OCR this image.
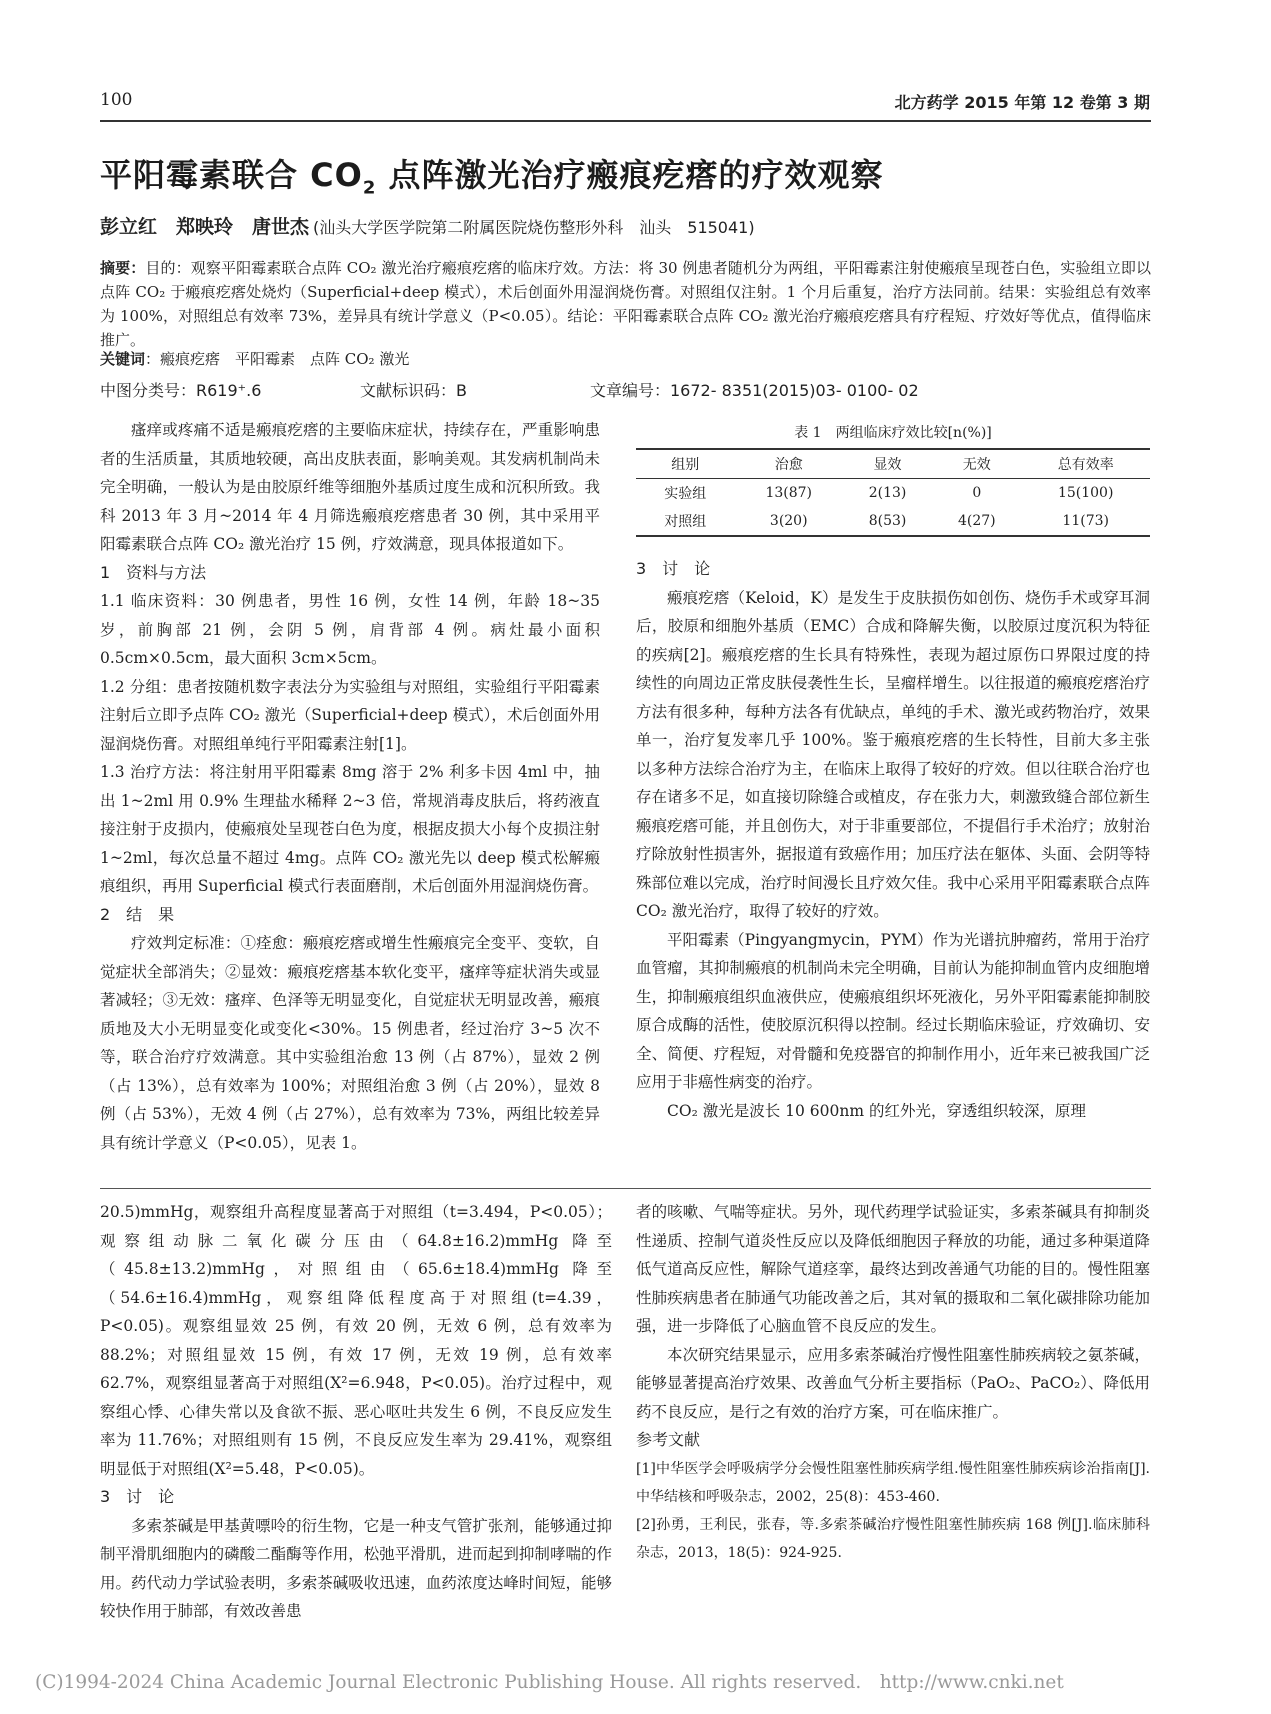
100	北方药学 2015 年第 12 卷第 3 期
平阳霉素联合 $CO_2$ 点阵激光治疗瘢痕疙瘩的疗效观察
彭立红　郑映玲　唐世杰 (汕头大学医学院第二附属医院烧伤整形外科　汕头　515041)

摘要：目的：观察平阳霉素联合点阵 CO₂ 激光治疗瘢痕疙瘩的临床疗效。方法：将 30 例患者随机分为两组，平阳霉素注射使瘢痕呈现苍白色，实验组立即以点阵 CO₂ 于瘢痕疙瘩处烧灼（Superficial+deep 模式），术后创面外用湿润烧伤膏。对照组仅注射。1 个月后重复，治疗方法同前。结果：实验组总有效率为 100%，对照组总有效率 73%，差异具有统计学意义（P<0.05）。结论：平阳霉素联合点阵 CO₂ 激光治疗瘢痕疙瘩具有疗程短、疗效好等优点，值得临床推广。

关键词：瘢痕疙瘩　平阳霉素　点阵 CO₂ 激光
中图分类号：R619⁺.6	文献标识码：B	文章编号：1672- 8351(2015)03- 0100- 02

瘙痒或疼痛不适是瘢痕疙瘩的主要临床症状，持续存在，严重影响患者的生活质量，其质地较硬，高出皮肤表面，影响美观。其发病机制尚未完全明确，一般认为是由胶原纤维等细胞外基质过度生成和沉积所致。我科 2013 年 3 月~2014 年 4 月筛选瘢痕疙瘩患者 30 例，其中采用平阳霉素联合点阵 CO₂ 激光治疗 15 例，疗效满意，现具体报道如下。

1　资料与方法

1.1 临床资料：30 例患者，男性 16 例，女性 14 例，年龄 18~35 岁，前胸部 21 例，会阴 5 例，肩背部 4 例。病灶最小面积 0.5cm×0.5cm，最大面积 3cm×5cm。

1.2 分组：患者按随机数字表法分为实验组与对照组，实验组行平阳霉素注射后立即予点阵 CO₂ 激光（Superficial+deep 模式），术后创面外用湿润烧伤膏。对照组单纯行平阳霉素注射[1]。

1.3 治疗方法：将注射用平阳霉素 8mg 溶于 2% 利多卡因 4ml 中，抽出 1~2ml 用 0.9% 生理盐水稀释 2~3 倍，常规消毒皮肤后，将药液直接注射于皮损内，使瘢痕处呈现苍白色为度，根据皮损大小每个皮损注射 1~2ml，每次总量不超过 4mg。点阵 CO₂ 激光先以 deep 模式松解瘢痕组织，再用 Superficial 模式行表面磨削，术后创面外用湿润烧伤膏。

2　结　果

疗效判定标准：①痊愈：瘢痕疙瘩或增生性瘢痕完全变平、变软，自觉症状全部消失；②显效：瘢痕疙瘩基本软化变平，瘙痒等症状消失或显著减轻；③无效：瘙痒、色泽等无明显变化，自觉症状无明显改善，瘢痕质地及大小无明显变化或变化<30%。15 例患者，经过治疗 3~5 次不等，联合治疗疗效满意。其中实验组治愈 13 例（占 87%），显效 2 例（占 13%），总有效率为 100%；对照组治愈 3 例（占 20%），显效 8 例（占 53%），无效 4 例（占 27%），总有效率为 73%，两组比较差异具有统计学意义（P<0.05），见表 1。

表 1　两组临床疗效比较[n(%)]
组别	治愈	显效	无效	总有效率
实验组	13(87)	2(13)	0	15(100)
对照组	3(20)	8(53)	4(27)	11(73)
3　讨　论

瘢痕疙瘩（Keloid，K）是发生于皮肤损伤如创伤、烧伤手术或穿耳洞后，胶原和细胞外基质（EMC）合成和降解失衡，以胶原过度沉积为特征的疾病[2]。瘢痕疙瘩的生长具有特殊性，表现为超过原伤口界限过度的持续性的向周边正常皮肤侵袭性生长，呈瘤样增生。以往报道的瘢痕疙瘩治疗方法有很多种，每种方法各有优缺点，单纯的手术、激光或药物治疗，效果单一，治疗复发率几乎 100%。鉴于瘢痕疙瘩的生长特性，目前大多主张以多种方法综合治疗为主，在临床上取得了较好的疗效。但以往联合治疗也存在诸多不足，如直接切除缝合或植皮，存在张力大，刺激致缝合部位新生瘢痕疙瘩可能，并且创伤大，对于非重要部位，不提倡行手术治疗；放射治疗除放射性损害外，据报道有致癌作用；加压疗法在躯体、头面、会阴等特殊部位难以完成，治疗时间漫长且疗效欠佳。我中心采用平阳霉素联合点阵 CO₂ 激光治疗，取得了较好的疗效。

平阳霉素（Pingyangmycin，PYM）作为光谱抗肿瘤药，常用于治疗血管瘤，其抑制瘢痕的机制尚未完全明确，目前认为能抑制血管内皮细胞增生，抑制瘢痕组织血液供应，使瘢痕组织坏死液化，另外平阳霉素能抑制胶原合成酶的活性，使胶原沉积得以控制。经过长期临床验证，疗效确切、安全、简便、疗程短，对骨髓和免疫器官的抑制作用小，近年来已被我国广泛应用于非癌性病变的治疗。

CO₂ 激光是波长 10 600nm 的红外光，穿透组织较深，原理

20.5)mmHg，观察组升高程度显著高于对照组（t=3.494，P<0.05）；观察组动脉二氧化碳分压由（64.8±16.2)mmHg 降至（45.8±13.2)mmHg，对照组由（65.6±18.4)mmHg 降至（54.6±16.4)mmHg，观察组降低程度高于对照组(t=4.39，P<0.05)。观察组显效 25 例，有效 20 例，无效 6 例，总有效率为 88.2%；对照组显效 15 例，有效 17 例，无效 19 例，总有效率 62.7%，观察组显著高于对照组(X²=6.948，P<0.05)。治疗过程中，观察组心悸、心律失常以及食欲不振、恶心呕吐共发生 6 例，不良反应发生率为 11.76%；对照组则有 15 例，不良反应发生率为 29.41%，观察组明显低于对照组(X²=5.48，P<0.05)。

3　讨　论

多索茶碱是甲基黄嘌呤的衍生物，它是一种支气管扩张剂，能够通过抑制平滑肌细胞内的磷酸二酯酶等作用，松弛平滑肌，进而起到抑制哮喘的作用。药代动力学试验表明，多索茶碱吸收迅速，血药浓度达峰时间短，能够较快作用于肺部，有效改善患

者的咳嗽、气喘等症状。另外，现代药理学试验证实，多索茶碱具有抑制炎性递质、控制气道炎性反应以及降低细胞因子释放的功能，通过多种渠道降低气道高反应性，解除气道痉挛，最终达到改善通气功能的目的。慢性阻塞性肺疾病患者在肺通气功能改善之后，其对氧的摄取和二氧化碳排除功能加强，进一步降低了心脑血管不良反应的发生。

本次研究结果显示，应用多索茶碱治疗慢性阻塞性肺疾病较之氨茶碱，能够显著提高治疗效果、改善血气分析主要指标（PaO₂、PaCO₂）、降低用药不良反应，是行之有效的治疗方案，可在临床推广。

参考文献

[1]中华医学会呼吸病学分会慢性阻塞性肺疾病学组.慢性阻塞性肺疾病诊治指南[J].中华结核和呼吸杂志，2002，25(8)：453-460.

[2]孙勇，王利民，张春，等.多索茶碱治疗慢性阻塞性肺疾病 168 例[J].临床肺科杂志，2013，18(5)：924-925.

(C)1994-2024 China Academic Journal Electronic Publishing House. All rights reserved.　http://www.cnki.net
